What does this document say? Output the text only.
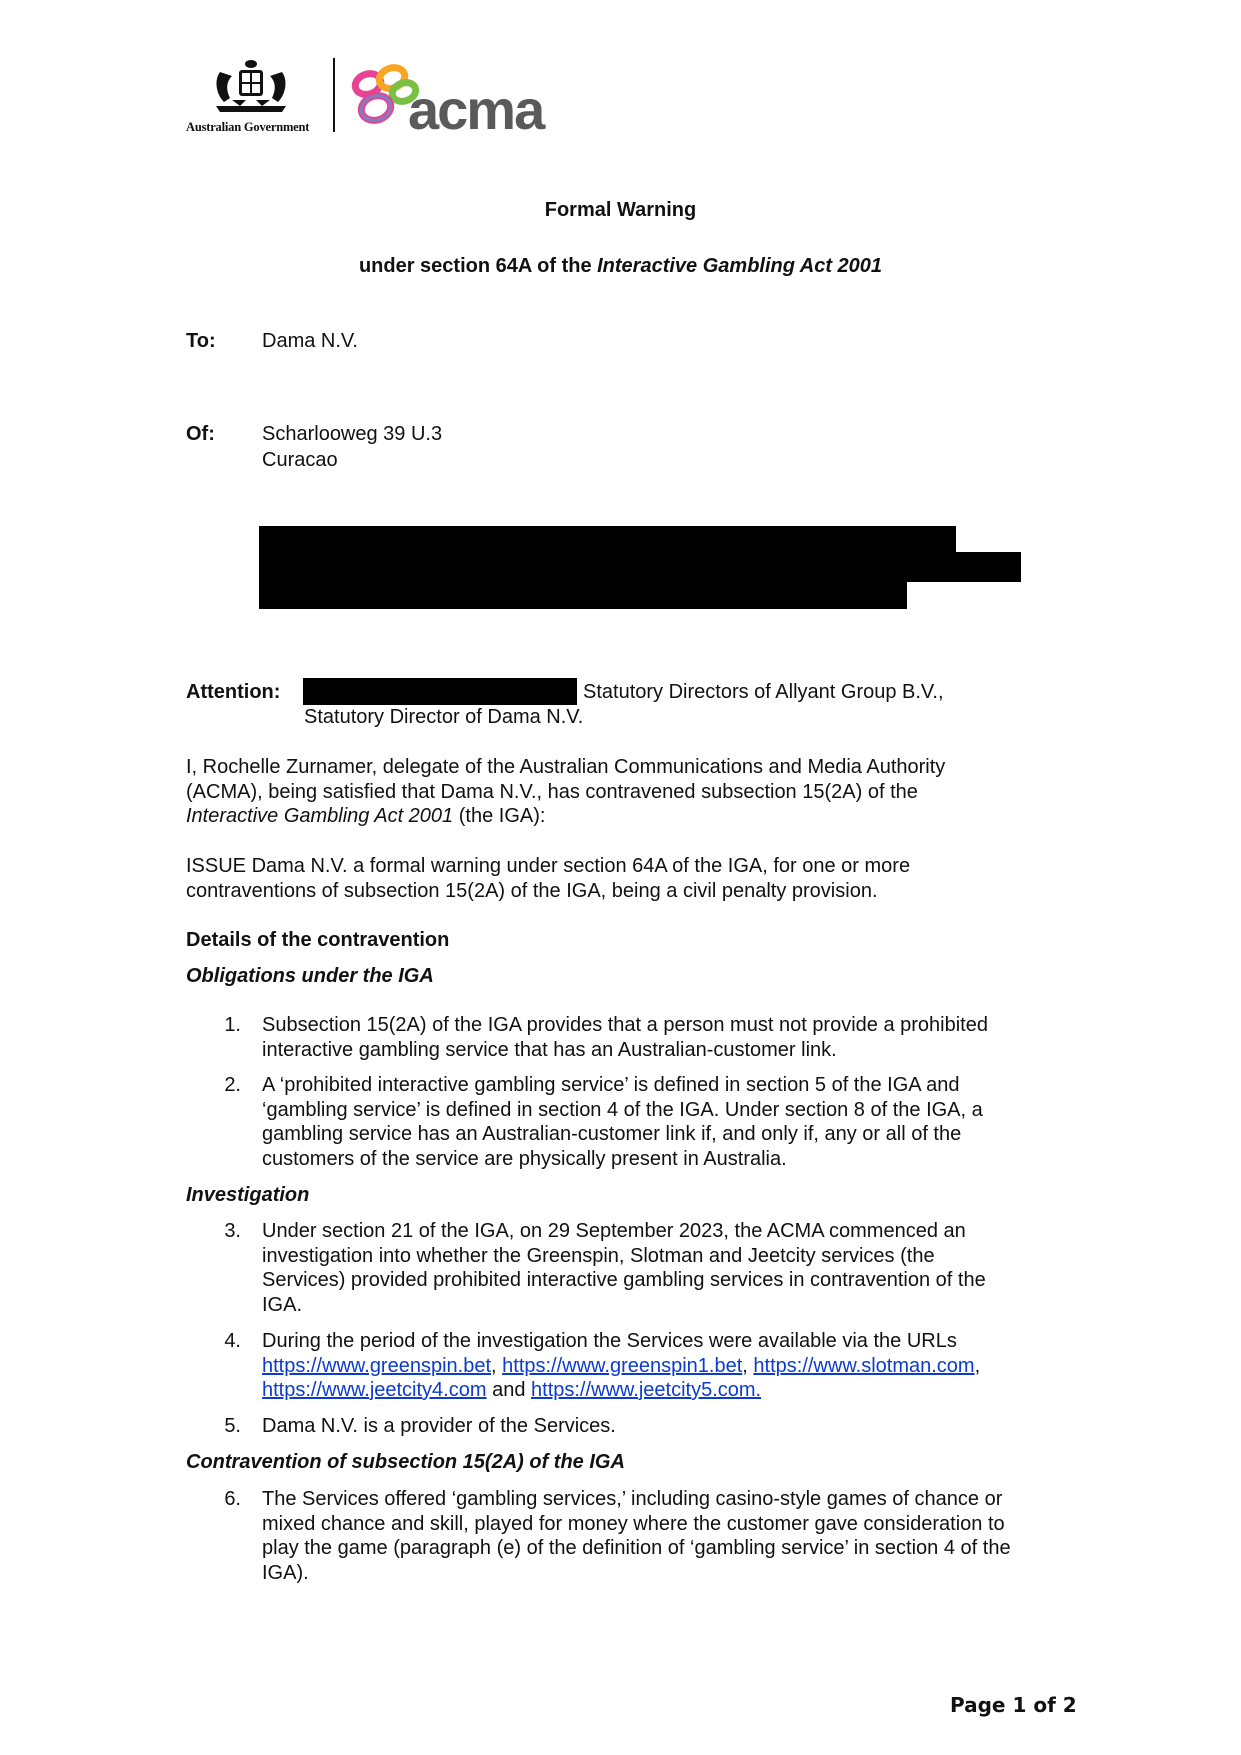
Australian Government acma
Formal Warning
under section 64A of the Interactive Gambling Act 2001
To: Dama N.V.
Of: Scharlooweg 39 U.3
Curacao
Attention:	Statutory Directors of Allyant Group B.V.,
Statutory Director of Dama N.V.
I, Rochelle Zurnamer, delegate of the Australian Communications and Media Authority
(ACMA), being satisfied that Dama N.V., has contravened subsection 15(2A) of the
Interactive Gambling Act 2001 (the IGA):
ISSUE Dama N.V. a formal warning under section 64A of the IGA, for one or more
contraventions of subsection 15(2A) of the IGA, being a civil penalty provision.
Details of the contravention
Obligations under the IGA
1. Subsection 15(2A) of the IGA provides that a person must not provide a prohibited
interactive gambling service that has an Australian-customer link.
2. A ‘prohibited interactive gambling service’ is defined in section 5 of the IGA and
‘gambling service’ is defined in section 4 of the IGA. Under section 8 of the IGA, a
gambling service has an Australian-customer link if, and only if, any or all of the
customers of the service are physically present in Australia.
Investigation
3. Under section 21 of the IGA, on 29 September 2023, the ACMA commenced an
investigation into whether the Greenspin, Slotman and Jeetcity services (the
Services) provided prohibited interactive gambling services in contravention of the
IGA.
4. During the period of the investigation the Services were available via the URLs
https://www.greenspin.bet, https://www.greenspin1.bet, https://www.slotman.com,
https://www.jeetcity4.com and https://www.jeetcity5.com.
5. Dama N.V. is a provider of the Services.
Contravention of subsection 15(2A) of the IGA
6. The Services offered ‘gambling services,’ including casino-style games of chance or
mixed chance and skill, played for money where the customer gave consideration to
play the game (paragraph (e) of the definition of ‘gambling service’ in section 4 of the
IGA).
Page 1 of 2
